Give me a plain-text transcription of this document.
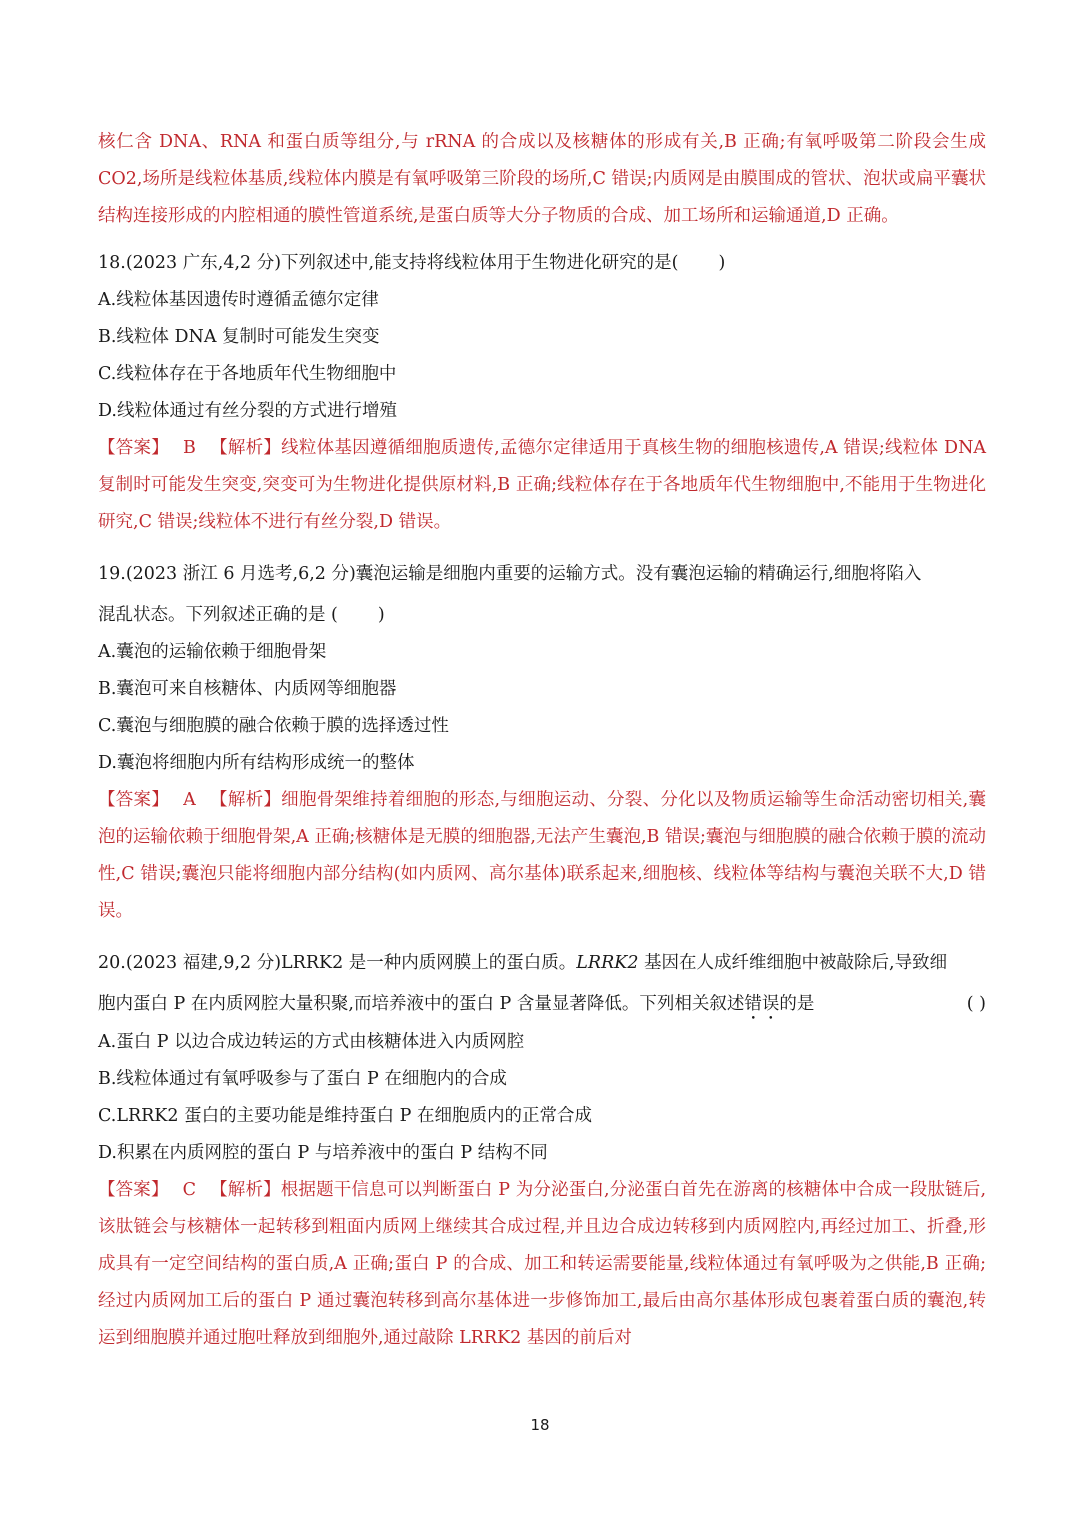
核仁含 DNA、RNA 和蛋白质等组分,与 rRNA 的合成以及核糖体的形成有关,B 正确;有氧呼吸第二阶段会生成 CO2,场所是线粒体基质,线粒体内膜是有氧呼吸第三阶段的场所,C 错误;内质网是由膜围成的管状、泡状或扁平囊状结构连接形成的内腔相通的膜性管道系统,是蛋白质等大分子物质的合成、加工场所和运输通道,D 正确。

18.(2023 广东,4,2 分)下列叙述中,能支持将线粒体用于生物进化研究的是( )

A.线粒体基因遗传时遵循孟德尔定律

B.线粒体 DNA 复制时可能发生突变

C.线粒体存在于各地质年代生物细胞中

D.线粒体通过有丝分裂的方式进行增殖

【答案】 B 【解析】线粒体基因遵循细胞质遗传,孟德尔定律适用于真核生物的细胞核遗传,A 错误;线粒体 DNA 复制时可能发生突变,突变可为生物进化提供原材料,B 正确;线粒体存在于各地质年代生物细胞中,不能用于生物进化研究,C 错误;线粒体不进行有丝分裂,D 错误。

19.(2023 浙江 6 月选考,6,2 分)囊泡运输是细胞内重要的运输方式。没有囊泡运输的精确运行,细胞将陷入

混乱状态。下列叙述正确的是 ( )

A.囊泡的运输依赖于细胞骨架

B.囊泡可来自核糖体、内质网等细胞器

C.囊泡与细胞膜的融合依赖于膜的选择透过性

D.囊泡将细胞内所有结构形成统一的整体

【答案】 A 【解析】细胞骨架维持着细胞的形态,与细胞运动、分裂、分化以及物质运输等生命活动密切相关,囊泡的运输依赖于细胞骨架,A 正确;核糖体是无膜的细胞器,无法产生囊泡,B 错误;囊泡与细胞膜的融合依赖于膜的流动性,C 错误;囊泡只能将细胞内部分结构(如内质网、高尔基体)联系起来,细胞核、线粒体等结构与囊泡关联不大,D 错误。

20.(2023 福建,9,2 分)LRRK2 是一种内质网膜上的蛋白质。LRRK2 基因在人成纤维细胞中被敲除后,导致细

胞内蛋白 P 在内质网腔大量积聚,而培养液中的蛋白 P 含量显著降低。下列相关叙述错误的是	( )

A.蛋白 P 以边合成边转运的方式由核糖体进入内质网腔

B.线粒体通过有氧呼吸参与了蛋白 P 在细胞内的合成

C.LRRK2 蛋白的主要功能是维持蛋白 P 在细胞质内的正常合成

D.积累在内质网腔的蛋白 P 与培养液中的蛋白 P 结构不同

【答案】 C 【解析】根据题干信息可以判断蛋白 P 为分泌蛋白,分泌蛋白首先在游离的核糖体中合成一段肽链后,该肽链会与核糖体一起转移到粗面内质网上继续其合成过程,并且边合成边转移到内质网腔内,再经过加工、折叠,形成具有一定空间结构的蛋白质,A 正确;蛋白 P 的合成、加工和转运需要能量,线粒体通过有氧呼吸为之供能,B 正确;经过内质网加工后的蛋白 P 通过囊泡转移到高尔基体进一步修饰加工,最后由高尔基体形成包裹着蛋白质的囊泡,转运到细胞膜并通过胞吐释放到细胞外,通过敲除 LRRK2 基因的前后对

18
